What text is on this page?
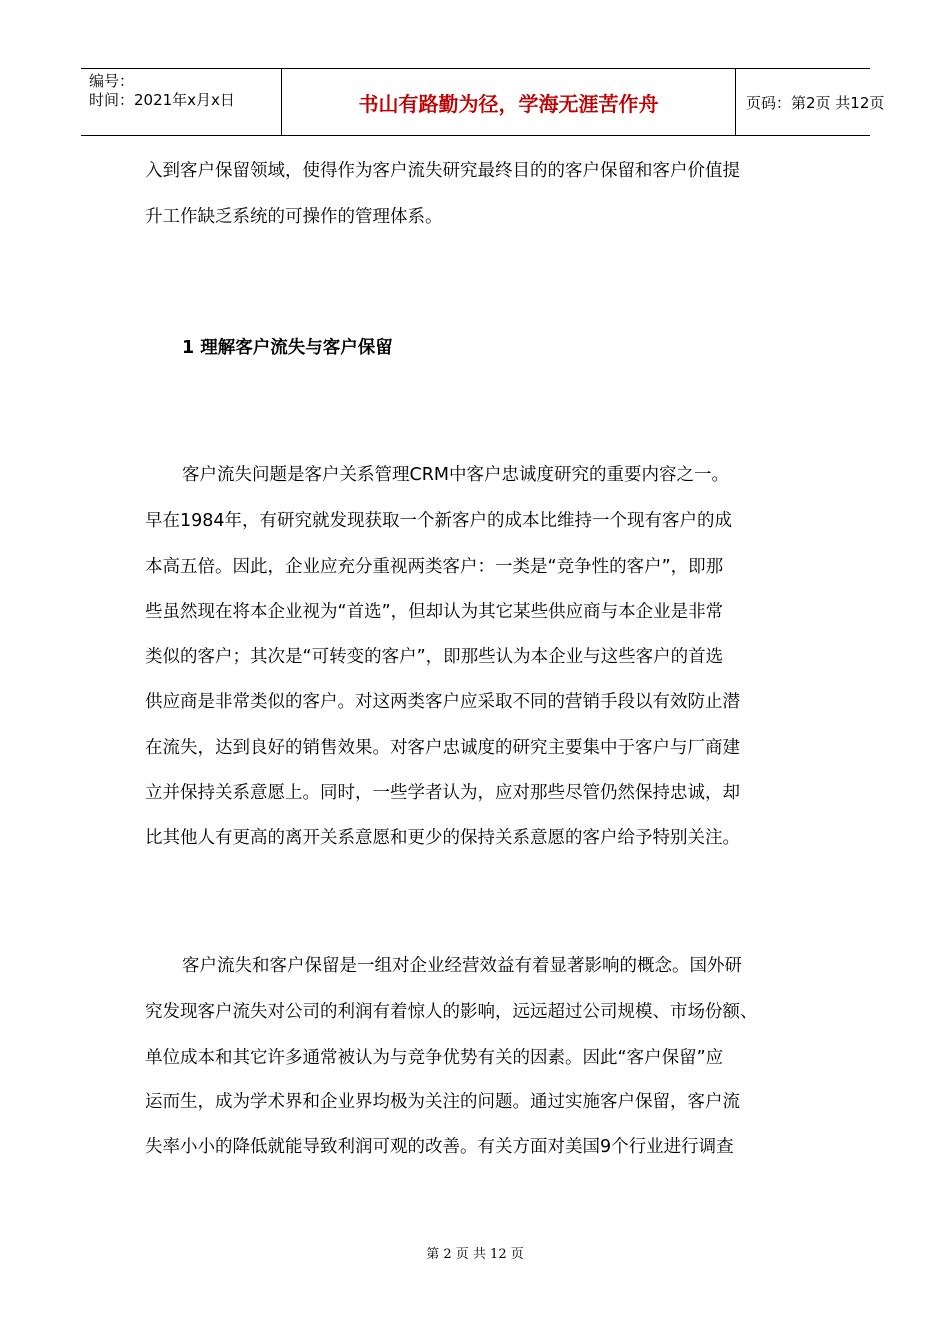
编号：
时间：2021年x月x日	书山有路勤为径，学海无涯苦作舟	页码：第2页 共12页
入到客户保留领域，使得作为客户流失研究最终目的的客户保留和客户价值提
升工作缺乏系统的可操作的管理体系。
1 理解客户流失与客户保留
客户流失问题是客户关系管理CRM中客户忠诚度研究的重要内容之一。
早在1984年，有研究就发现获取一个新客户的成本比维持一个现有客户的成
本高五倍。因此，企业应充分重视两类客户：一类是“竞争性的客户”，即那
些虽然现在将本企业视为“首选”，但却认为其它某些供应商与本企业是非常
类似的客户；其次是“可转变的客户”，即那些认为本企业与这些客户的首选
供应商是非常类似的客户。对这两类客户应采取不同的营销手段以有效防止潜
在流失，达到良好的销售效果。对客户忠诚度的研究主要集中于客户与厂商建
立并保持关系意愿上。同时，一些学者认为，应对那些尽管仍然保持忠诚，却
比其他人有更高的离开关系意愿和更少的保持关系意愿的客户给予特别关注。
客户流失和客户保留是一组对企业经营效益有着显著影响的概念。国外研
究发现客户流失对公司的利润有着惊人的影响，远远超过公司规模、市场份额、
单位成本和其它许多通常被认为与竞争优势有关的因素。因此“客户保留”应
运而生，成为学术界和企业界均极为关注的问题。通过实施客户保留，客户流
失率小小的降低就能导致利润可观的改善。有关方面对美国9个行业进行调查
第 2 页 共 12 页
